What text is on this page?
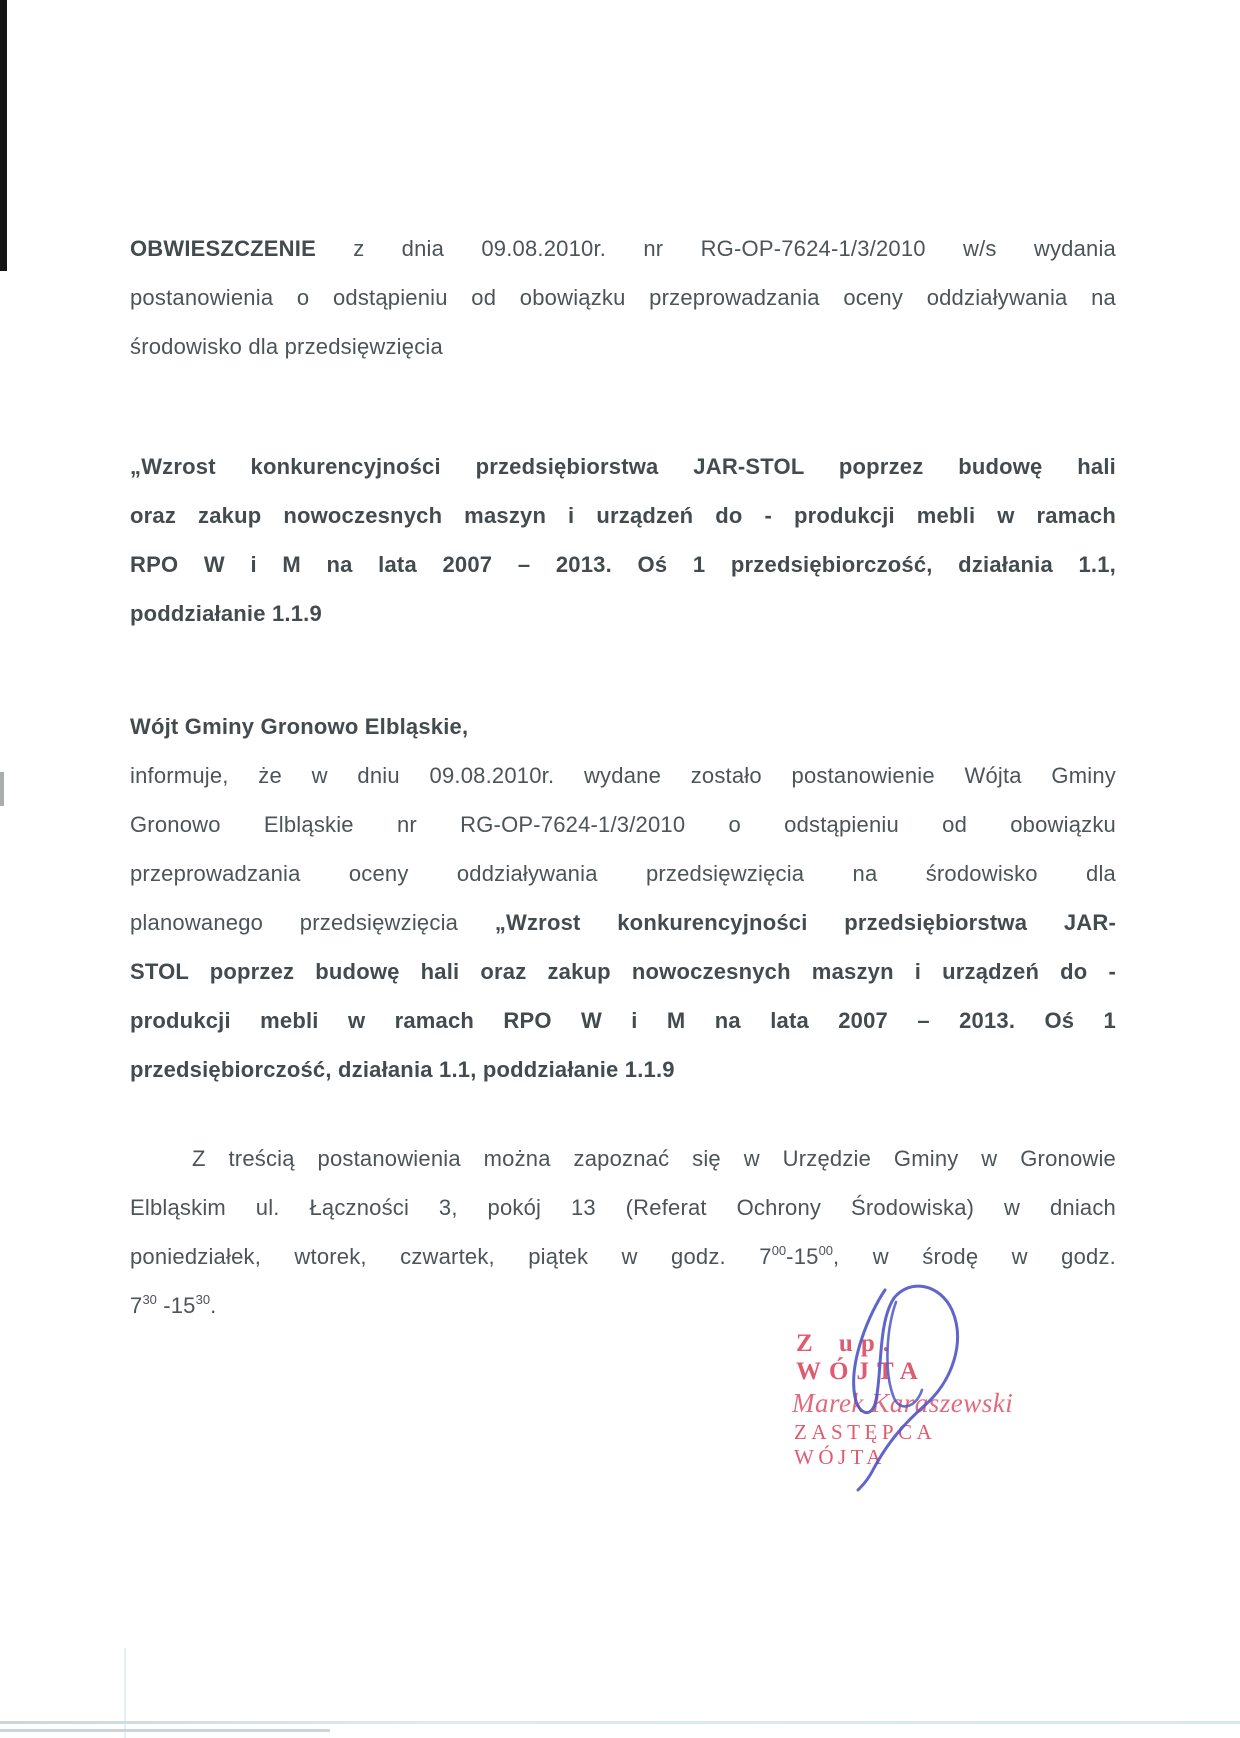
OBWIESZCZENIE z dnia 09.08.2010r. nr RG-OP-7624-1/3/2010 w/s wydania
postanowienia o odstąpieniu od obowiązku przeprowadzania oceny oddziaływania na
środowisko dla przedsięwzięcia
„Wzrost konkurencyjności przedsiębiorstwa JAR-STOL poprzez budowę hali
oraz zakup nowoczesnych maszyn i urządzeń do - produkcji mebli w ramach
RPO W i M na lata 2007 – 2013. Oś 1 przedsiębiorczość, działania 1.1,
poddziałanie 1.1.9
Wójt Gminy Gronowo Elbląskie,
informuje, że w dniu 09.08.2010r. wydane zostało postanowienie Wójta Gminy
Gronowo Elbląskie nr RG-OP-7624-1/3/2010 o odstąpieniu od obowiązku
przeprowadzania oceny oddziaływania przedsięwzięcia na środowisko dla
planowanego przedsięwzięcia „Wzrost konkurencyjności przedsiębiorstwa JAR-
STOL poprzez budowę hali oraz zakup nowoczesnych maszyn i urządzeń do -
produkcji mebli w ramach RPO W i M na lata 2007 – 2013. Oś 1
przedsiębiorczość, działania 1.1, poddziałanie 1.1.9
Z treścią postanowienia można zapoznać się w Urzędzie Gminy w Gronowie
Elbląskim ul. Łączności 3, pokój 13 (Referat Ochrony Środowiska) w dniach
poniedziałek, wtorek, czwartek, piątek w godz. $7^{00}-15^{00}$, w środę w godz.
$7^{30}$ $-15^{30}$.
Z up. WÓJTA
Marek Karaszewski
ZASTĘPCA WÓJTA
